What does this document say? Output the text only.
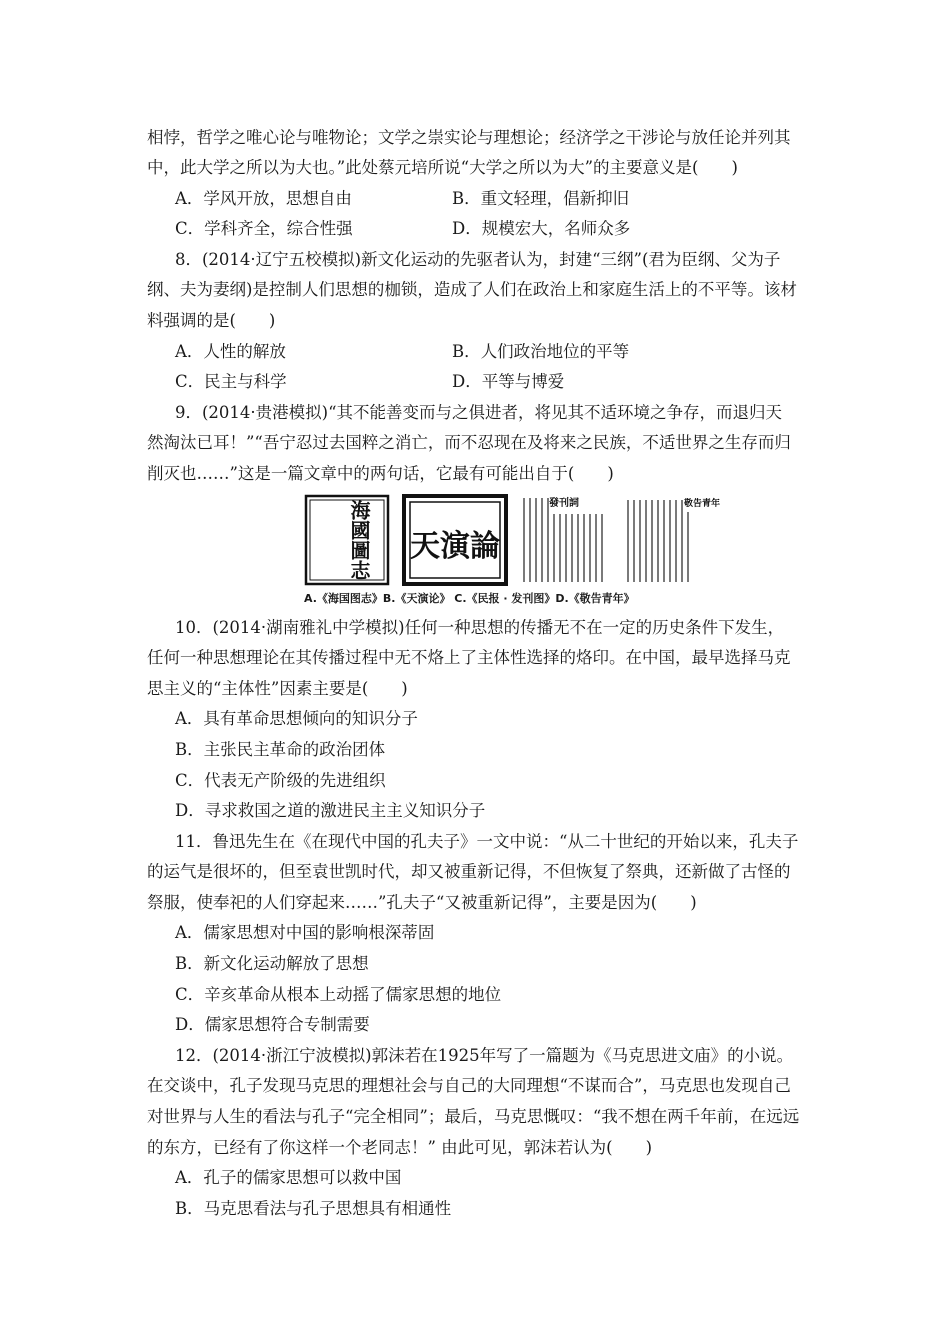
相悖，哲学之唯心论与唯物论；文学之崇实论与理想论；经济学之干涉论与放任论并列其
中，此大学之所以为大也。”此处蔡元培所说“大学之所以为大”的主要意义是(　　)
A．学风开放，思想自由	B．重文轻理，倡新抑旧
C．学科齐全，综合性强	D．规模宏大，名师众多
8．(2014·辽宁五校模拟)新文化运动的先驱者认为，封建“三纲”(君为臣纲、父为子
纲、夫为妻纲)是控制人们思想的枷锁，造成了人们在政治上和家庭生活上的不平等。该材
料强调的是(　　)
A．人性的解放	B．人们政治地位的平等
C．民主与科学	D．平等与博爱
9．(2014·贵港模拟)“其不能善变而与之俱进者，将见其不适环境之争存，而退归天
然淘汰已耳！”“吾宁忍过去国粹之消亡，而不忍现在及将来之民族，不适世界之生存而归
削灭也……”这是一篇文章中的两句话，它最有可能出自于(　　)
海國圖志 天演論
發刊詞	敬告青年
A.《海国图志》B.《天演论》 C.《民报 · 发刊图》D.《敬告青年》
10．(2014·湖南雅礼中学模拟)任何一种思想的传播无不在一定的历史条件下发生，
任何一种思想理论在其传播过程中无不烙上了主体性选择的烙印。在中国，最早选择马克
思主义的“主体性”因素主要是(　　)
A．具有革命思想倾向的知识分子
B．主张民主革命的政治团体
C．代表无产阶级的先进组织
D．寻求救国之道的激进民主主义知识分子
11．鲁迅先生在《在现代中国的孔夫子》一文中说：“从二十世纪的开始以来，孔夫子
的运气是很坏的，但至袁世凯时代，却又被重新记得，不但恢复了祭典，还新做了古怪的
祭服，使奉祀的人们穿起来……”孔夫子“又被重新记得”，主要是因为(　　)
A．儒家思想对中国的影响根深蒂固
B．新文化运动解放了思想
C．辛亥革命从根本上动摇了儒家思想的地位
D．儒家思想符合专制需要
12．(2014·浙江宁波模拟)郭沫若在1925年写了一篇题为《马克思进文庙》的小说。
在交谈中，孔子发现马克思的理想社会与自己的大同理想“不谋而合”，马克思也发现自己
对世界与人生的看法与孔子“完全相同”；最后，马克思慨叹：“我不想在两千年前，在远远
的东方，已经有了你这样一个老同志！” 由此可见，郭沫若认为(　　)
A．孔子的儒家思想可以救中国
B．马克思看法与孔子思想具有相通性
